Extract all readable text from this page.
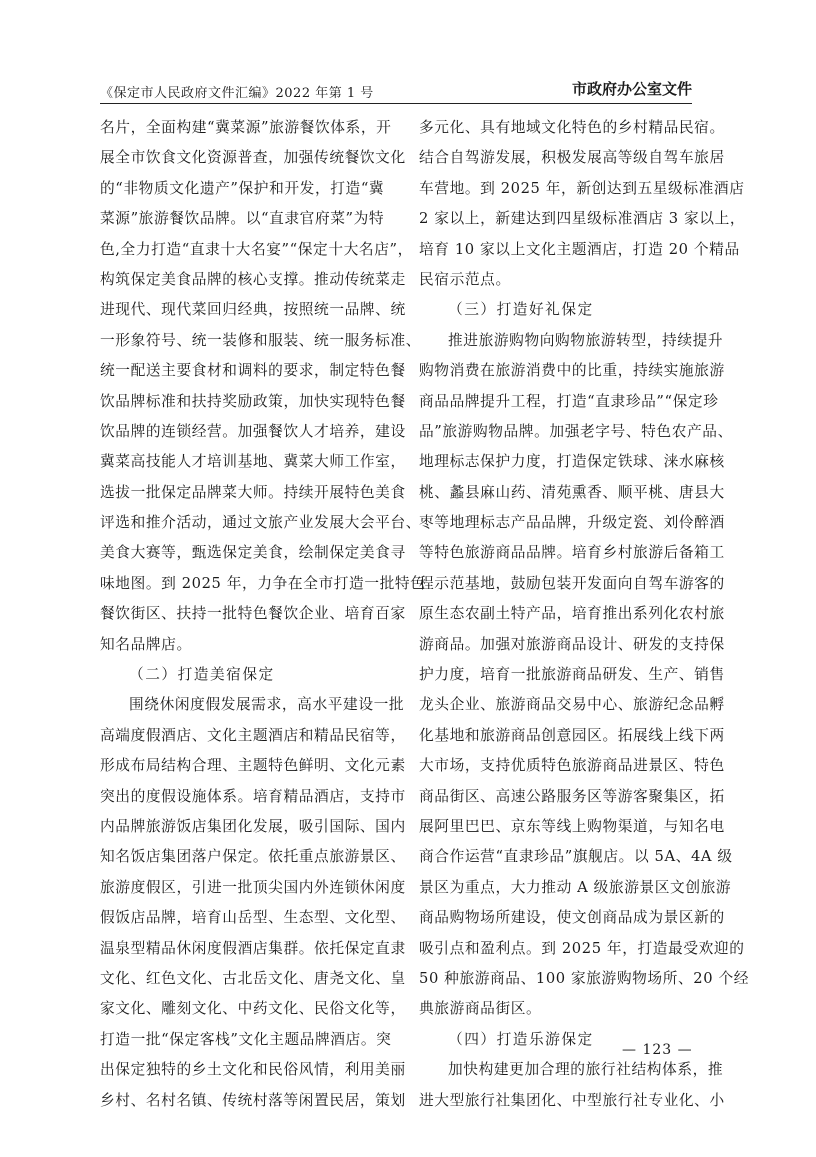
《保定市人民政府文件汇编》2022 年第 1 号	市政府办公室文件
名片，全面构建“冀菜源”旅游餐饮体系，开
展全市饮食文化资源普查，加强传统餐饮文化
的“非物质文化遗产”保护和开发，打造“冀
菜源”旅游餐饮品牌。以“直隶官府菜”为特
色,全力打造“直隶十大名宴”“保定十大名店”，
构筑保定美食品牌的核心支撑。推动传统菜走
进现代、现代菜回归经典，按照统一品牌、统
一形象符号、统一装修和服装、统一服务标准、
统一配送主要食材和调料的要求，制定特色餐
饮品牌标准和扶持奖励政策，加快实现特色餐
饮品牌的连锁经营。加强餐饮人才培养，建设
冀菜高技能人才培训基地、冀菜大师工作室，
选拔一批保定品牌菜大师。持续开展特色美食
评选和推介活动，通过文旅产业发展大会平台、
美食大赛等，甄选保定美食，绘制保定美食寻
味地图。到 2025 年，力争在全市打造一批特色
餐饮街区、扶持一批特色餐饮企业、培育百家
知名品牌店。
（二）打造美宿保定
围绕休闲度假发展需求，高水平建设一批
高端度假酒店、文化主题酒店和精品民宿等，
形成布局结构合理、主题特色鲜明、文化元素
突出的度假设施体系。培育精品酒店，支持市
内品牌旅游饭店集团化发展，吸引国际、国内
知名饭店集团落户保定。依托重点旅游景区、
旅游度假区，引进一批顶尖国内外连锁休闲度
假饭店品牌，培育山岳型、生态型、文化型、
温泉型精品休闲度假酒店集群。依托保定直隶
文化、红色文化、古北岳文化、唐尧文化、皇
家文化、雕刻文化、中药文化、民俗文化等，
打造一批“保定客栈”文化主题品牌酒店。突
出保定独特的乡土文化和民俗风情，利用美丽
乡村、名村名镇、传统村落等闲置民居，策划
多元化、具有地域文化特色的乡村精品民宿。
结合自驾游发展，积极发展高等级自驾车旅居
车营地。到 2025 年，新创达到五星级标准酒店
2 家以上，新建达到四星级标准酒店 3 家以上，
培育 10 家以上文化主题酒店，打造 20 个精品
民宿示范点。
（三）打造好礼保定
推进旅游购物向购物旅游转型，持续提升
购物消费在旅游消费中的比重，持续实施旅游
商品品牌提升工程，打造“直隶珍品”“保定珍
品”旅游购物品牌。加强老字号、特色农产品、
地理标志保护力度，打造保定铁球、涞水麻核
桃、蠡县麻山药、清苑熏香、顺平桃、唐县大
枣等地理标志产品品牌，升级定瓷、刘伶醉酒
等特色旅游商品品牌。培育乡村旅游后备箱工
程示范基地，鼓励包装开发面向自驾车游客的
原生态农副土特产品，培育推出系列化农村旅
游商品。加强对旅游商品设计、研发的支持保
护力度，培育一批旅游商品研发、生产、销售
龙头企业、旅游商品交易中心、旅游纪念品孵
化基地和旅游商品创意园区。拓展线上线下两
大市场，支持优质特色旅游商品进景区、特色
商品街区、高速公路服务区等游客聚集区，拓
展阿里巴巴、京东等线上购物渠道，与知名电
商合作运营“直隶珍品”旗舰店。以 5A、4A 级
景区为重点，大力推动 A 级旅游景区文创旅游
商品购物场所建设，使文创商品成为景区新的
吸引点和盈利点。到 2025 年，打造最受欢迎的
50 种旅游商品、100 家旅游购物场所、20 个经
典旅游商品街区。
（四）打造乐游保定
加快构建更加合理的旅行社结构体系，推
进大型旅行社集团化、中型旅行社专业化、小
— 123 —
